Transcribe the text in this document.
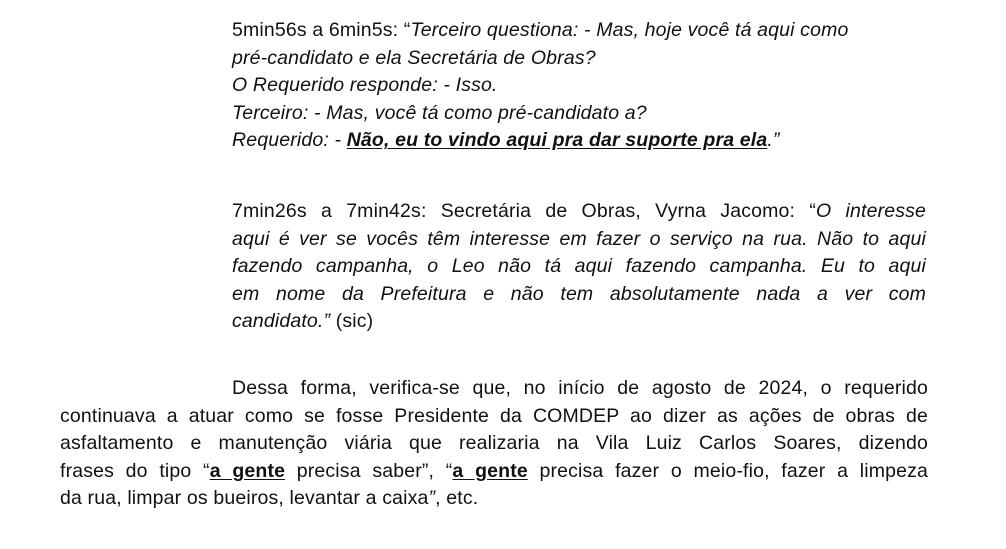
5min56s a 6min5s: “Terceiro questiona: - Mas, hoje você tá aqui como
pré-candidato e ela Secretária de Obras?
O Requerido responde: - Isso.
Terceiro: - Mas, você tá como pré-candidato a?
Requerido: - Não, eu to vindo aqui pra dar suporte pra ela.”
7min26s a 7min42s: Secretária de Obras, Vyrna Jacomo: “O interesse
aqui é ver se vocês têm interesse em fazer o serviço na rua. Não to aqui
fazendo campanha, o Leo não tá aqui fazendo campanha. Eu to aqui
em nome da Prefeitura e não tem absolutamente nada a ver com
candidato.” (sic)
Dessa forma, verifica-se que, no início de agosto de 2024, o requerido
continuava a atuar como se fosse Presidente da COMDEP ao dizer as ações de obras de
asfaltamento e manutenção viária que realizaria na Vila Luiz Carlos Soares, dizendo
frases do tipo “a gente precisa saber”, “a gente precisa fazer o meio-fio, fazer a limpeza
da rua, limpar os bueiros, levantar a caixa”, etc.
